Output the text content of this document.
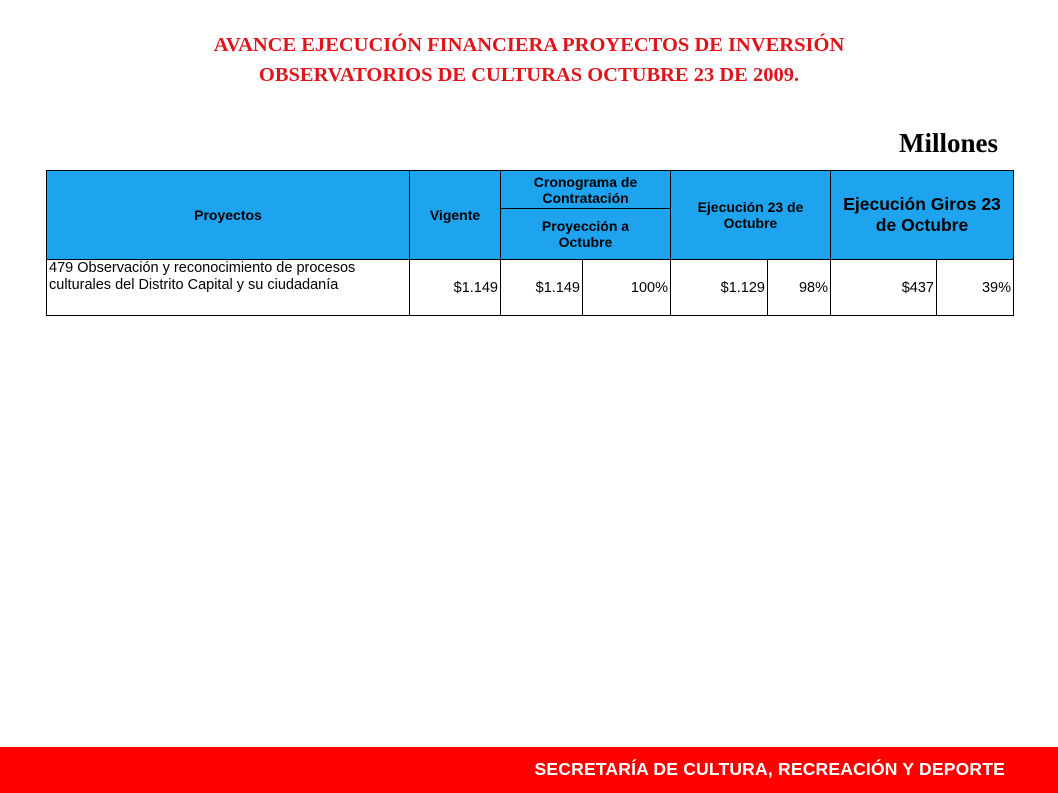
AVANCE EJECUCIÓN FINANCIERA PROYECTOS DE INVERSIÓN
OBSERVATORIOS DE CULTURAS OCTUBRE 23 DE 2009.
Millones
Proyectos	Vigente	Cronograma de Contratación		Ejecución 23 de Octubre		Ejecución Giros 23 de Octubre	
		Proyección a Octubre					

479 Observación y reconocimiento de procesos culturales del Distrito Capital y su ciudadanía	$1.149	$1.149	100%	$1.129	98%	$437	39%
SECRETARÍA DE CULTURA, RECREACIÓN Y DEPORTE
